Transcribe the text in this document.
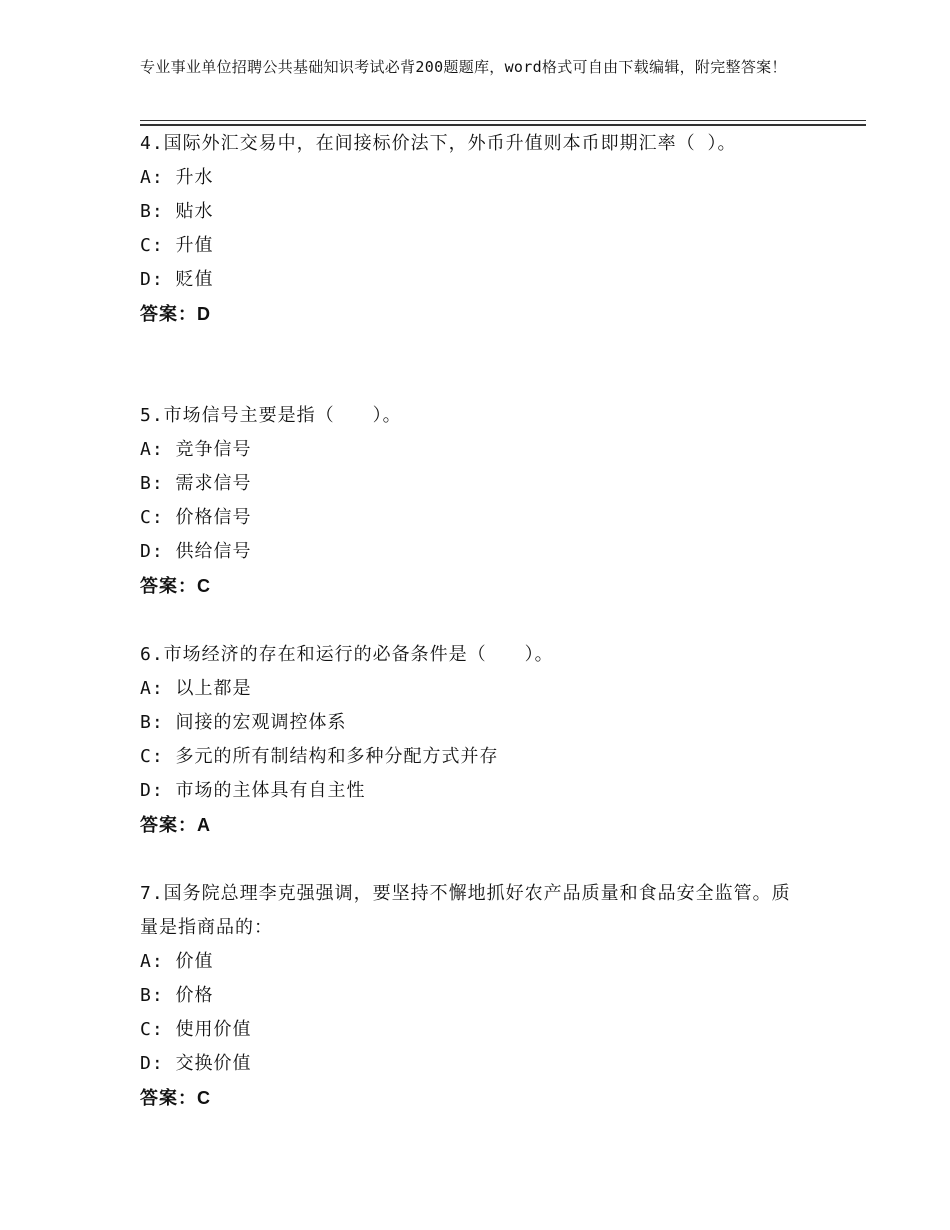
专业事业单位招聘公共基础知识考试必背200题题库，word格式可自由下载编辑，附完整答案！
4.国际外汇交易中，在间接标价法下，外币升值则本币即期汇率（ ）。
A: 升水
B: 贴水
C: 升值
D: 贬值
答案：D
5.市场信号主要是指（　　）。
A: 竞争信号
B: 需求信号
C: 价格信号
D: 供给信号
答案：C
6.市场经济的存在和运行的必备条件是（　　）。
A: 以上都是
B: 间接的宏观调控体系
C: 多元的所有制结构和多种分配方式并存
D: 市场的主体具有自主性
答案：A
7.国务院总理李克强强调，要坚持不懈地抓好农产品质量和食品安全监管。质量是指商品的：
A: 价值
B: 价格
C: 使用价值
D: 交换价值
答案：C
